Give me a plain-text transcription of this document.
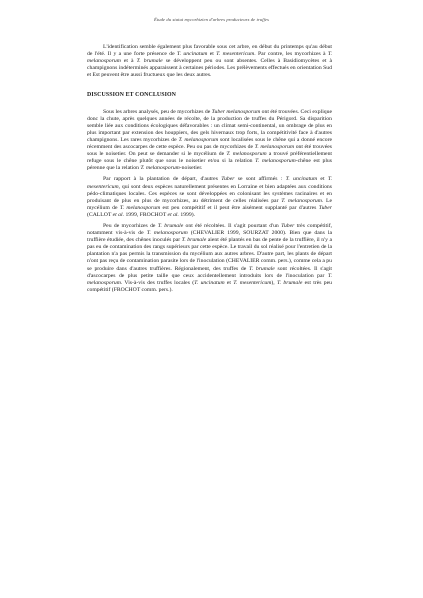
Étude du statut mycorhizien d'arbres producteurs de truffes

L'identification semble également plus favorable sous cet arbre, en début du printemps qu'au début de l'été. Il y a une forte présence de T. uncinatum et T. mesentericum. Par contre, les mycorhizes à T. melanosporum et à T. brumale se développent peu ou sont absentes. Celles à Basidiomycètes et à champignons indéterminés apparaissent à certaines périodes. Les prélèvements effectués en orientation Sud et Est peuvent être aussi fructueux que les deux autres.

DISCUSSION ET CONCLUSION

Sous les arbres analysés, peu de mycorhizes de Tuber melanosporum ont été trouvées. Ceci explique donc la chute, après quelques années de récolte, de la production de truffes du Périgord. Sa disparition semble liée aux conditions écologiques défavorables : un climat semi-continental, un ombrage de plus en plus important par extension des houppiers, des gels hivernaux trop forts, la compétitivité face à d'autres champignons. Les rares mycorhizes de T. melanosporum sont localisées sous le chêne qui a donné encore récemment des ascocarpes de cette espèce. Peu ou pas de mycorhizes de T. melanosporum ont été trouvées sous le noisetier. On peut se demander si le mycélium de T. melanosporum a trouvé préférentiellement refuge sous le chêne plutôt que sous le noisetier et/ou si la relation T. melanosporum-chêne est plus pérenne que la relation T. melanosporum-noisetier.

Par rapport à la plantation de départ, d'autres Tuber se sont affirmés : T. uncinatum et T. mesentericum, qui sont deux espèces naturellement présentes en Lorraine et bien adaptées aux conditions pédo-climatiques locales. Ces espèces se sont développées en colonisant les systèmes racinaires et en produisant de plus en plus de mycorhizes, au détriment de celles réalisées par T. melanosporum. Le mycélium de T. melanosporum est peu compétitif et il peut être aisément supplanté par d'autres Tuber (CALLOT et al. 1999, FROCHOT et al. 1999).

Peu de mycorhizes de T. brumale ont été récoltées. Il s'agit pourtant d'un Tuber très compétitif, notamment vis-à-vis de T. melanosporum (CHEVALIER 1999, SOURZAT 2000). Bien que dans la truffière étudiée, des chênes inoculés par T. brumale aient été plantés en bas de pente de la truffière, il n'y a pas eu de contamination des rangs supérieurs par cette espèce. Le travail du sol réalisé pour l'entretien de la plantation n'a pas permis la transmission du mycélium aux autres arbres. D'autre part, les plants de départ n'ont pas reçu de contamination parasite lors de l'inoculation (CHEVALIER comm. pers.), comme cela a pu se produire dans d'autres truffières. Régionalement, des truffes de T. brumale sont récoltées. Il s'agit d'ascocarpes de plus petite taille que ceux accidentellement introduits lors de l'inoculation par T. melanosporum. Vis-à-vis des truffes locales (T. uncinatum et T. mesentericum), T. brumale est très peu compétitif (FROCHOT comm. pers.).
